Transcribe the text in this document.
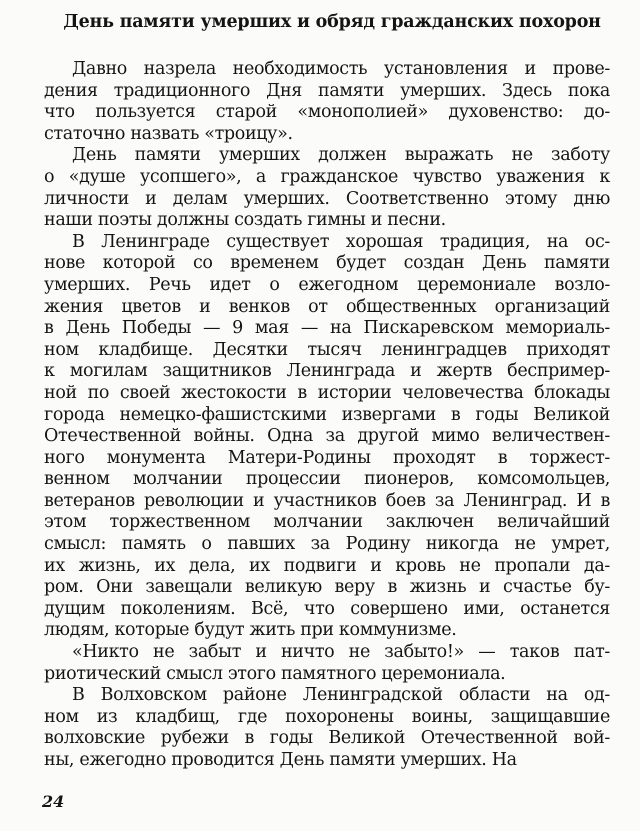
День памяти умерших и обряд гражданских похорон

Давно назрела необходимость установления и прове-
дения традиционного Дня памяти умерших. Здесь пока
что пользуется старой «монополией» духовенство: до-
статочно назвать «троицу».

День памяти умерших должен выражать не заботу
о «душе усопшего», а гражданское чувство уважения к
личности и делам умерших. Соответственно этому дню
наши поэты должны создать гимны и песни.

В Ленинграде существует хорошая традиция, на ос-
нове которой со временем будет создан День памяти
умерших. Речь идет о ежегодном церемониале возло-
жения цветов и венков от общественных организаций
в День Победы — 9 мая — на Пискаревском мемориаль-
ном кладбище. Десятки тысяч ленинградцев приходят
к могилам защитников Ленинграда и жертв беспример-
ной по своей жестокости в истории человечества блокады
города немецко-фашистскими извергами в годы Великой
Отечественной войны. Одна за другой мимо величествен-
ного монумента Матери-Родины проходят в торжест-
венном молчании процессии пионеров, комсомольцев,
ветеранов революции и участников боев за Ленинград. И в
этом торжественном молчании заключен величайший
смысл: память о павших за Родину никогда не умрет,
их жизнь, их дела, их подвиги и кровь не пропали да-
ром. Они завещали великую веру в жизнь и счастье бу-
дущим поколениям. Всё, что совершено ими, останется
людям, которые будут жить при коммунизме.

«Никто не забыт и ничто не забыто!» — таков пат-
риотический смысл этого памятного церемониала.

В Волховском районе Ленинградской области на од-
ном из кладбищ, где похоронены воины, защищавшие
волховские рубежи в годы Великой Отечественной вой-
ны, ежегодно проводится День памяти умерших. На

24
